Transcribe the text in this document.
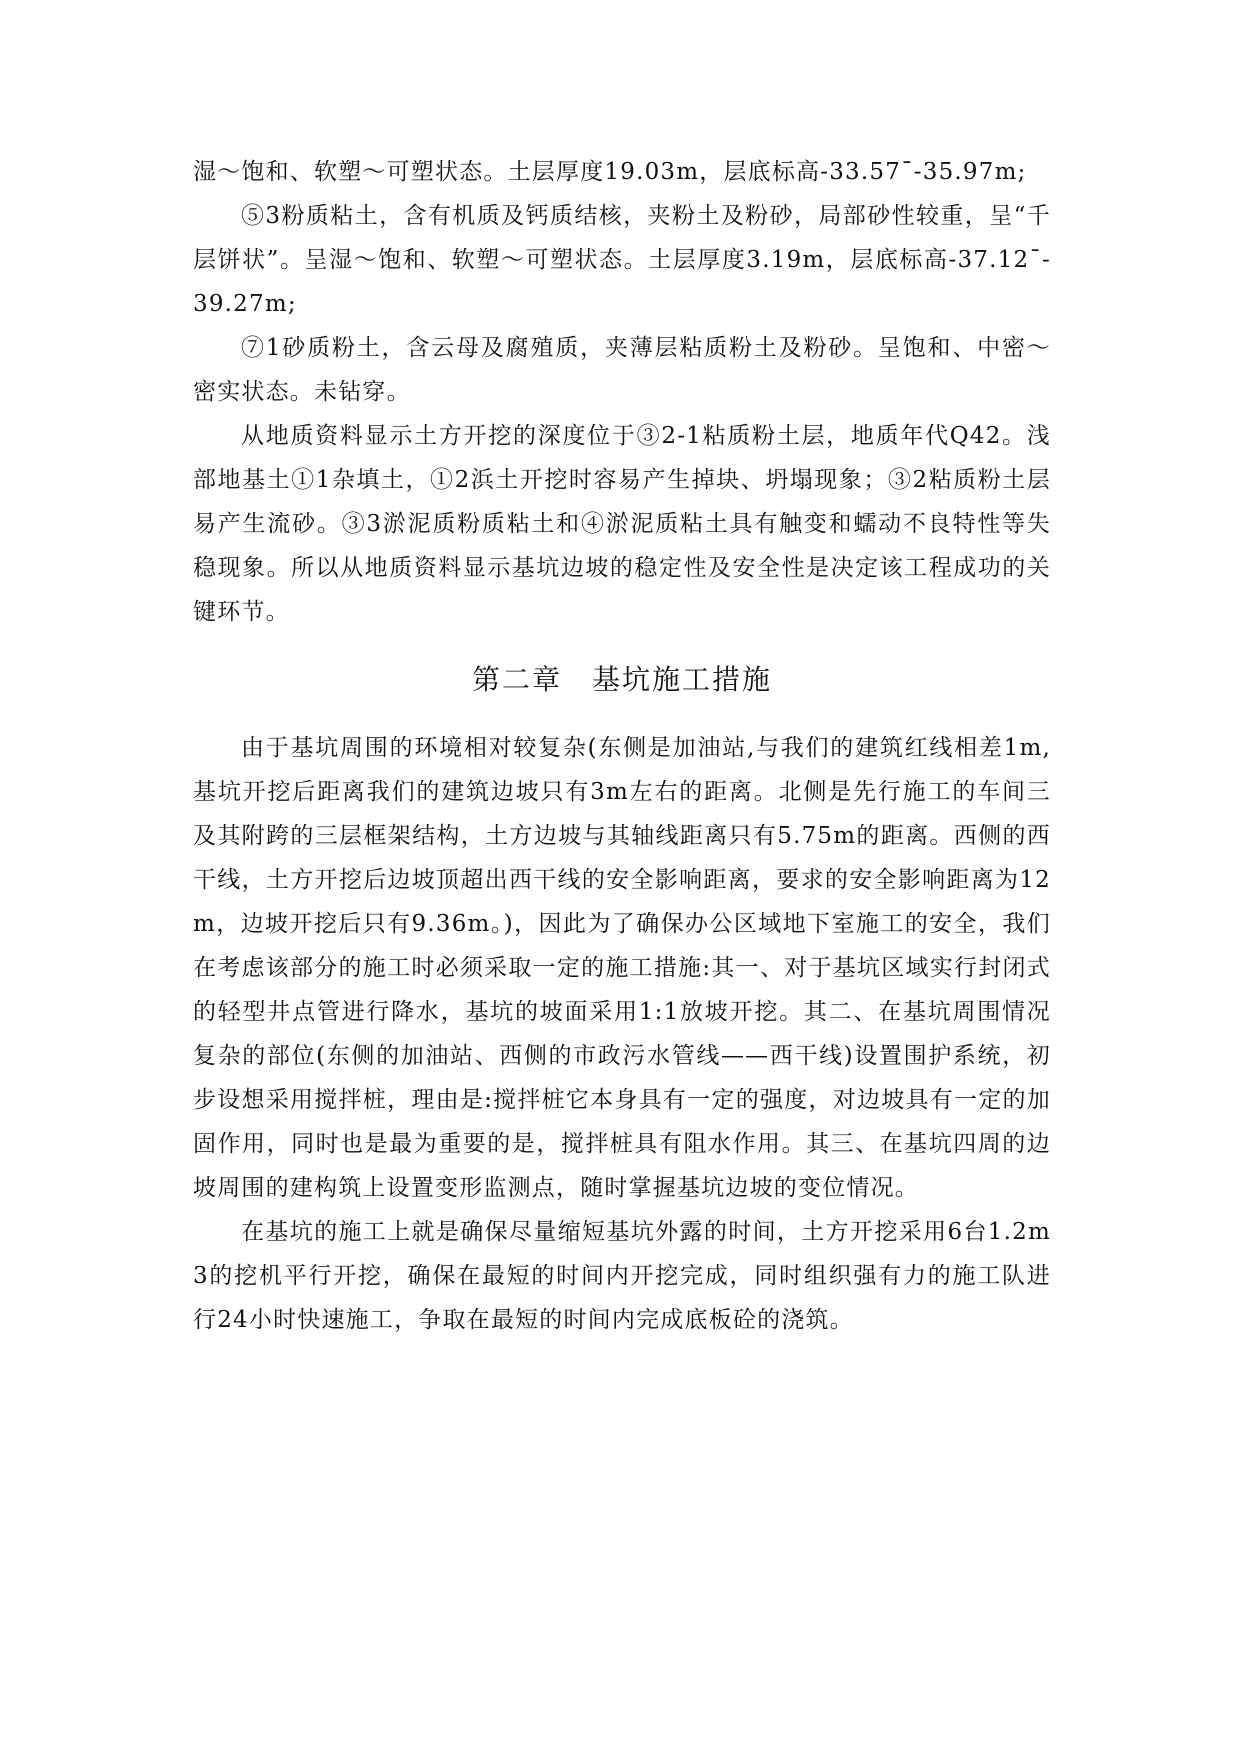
湿～饱和、软塑～可塑状态。土层厚度19.03m，层底标高-33.57¯-35.97m;

⑤3粉质粘土，含有机质及钙质结核，夹粉土及粉砂，局部砂性较重，呈“千层饼状”。呈湿～饱和、软塑～可塑状态。土层厚度3.19m，层底标高-37.12¯-39.27m;

⑦1砂质粉土，含云母及腐殖质，夹薄层粘质粉土及粉砂。呈饱和、中密～密实状态。未钻穿。

从地质资料显示土方开挖的深度位于③2-1粘质粉土层，地质年代Q42。浅部地基土①1杂填土，①2浜土开挖时容易产生掉块、坍塌现象；③2粘质粉土层易产生流砂。③3淤泥质粉质粘土和④淤泥质粘土具有触变和蠕动不良特性等失稳现象。所以从地质资料显示基坑边坡的稳定性及安全性是决定该工程成功的关键环节。

第二章　基坑施工措施

由于基坑周围的环境相对较复杂(东侧是加油站,与我们的建筑红线相差1m,基坑开挖后距离我们的建筑边坡只有3m左右的距离。北侧是先行施工的车间三及其附跨的三层框架结构，土方边坡与其轴线距离只有5.75m的距离。西侧的西干线，土方开挖后边坡顶超出西干线的安全影响距离，要求的安全影响距离为12m，边坡开挖后只有9.36m。)，因此为了确保办公区域地下室施工的安全，我们在考虑该部分的施工时必须采取一定的施工措施:其一、对于基坑区域实行封闭式的轻型井点管进行降水，基坑的坡面采用1:1放坡开挖。其二、在基坑周围情况复杂的部位(东侧的加油站、西侧的市政污水管线——西干线)设置围护系统，初步设想采用搅拌桩，理由是:搅拌桩它本身具有一定的强度，对边坡具有一定的加固作用，同时也是最为重要的是，搅拌桩具有阻水作用。其三、在基坑四周的边坡周围的建构筑上设置变形监测点，随时掌握基坑边坡的变位情况。

在基坑的施工上就是确保尽量缩短基坑外露的时间，土方开挖采用6台1.2m3的挖机平行开挖，确保在最短的时间内开挖完成，同时组织强有力的施工队进行24小时快速施工，争取在最短的时间内完成底板砼的浇筑。
